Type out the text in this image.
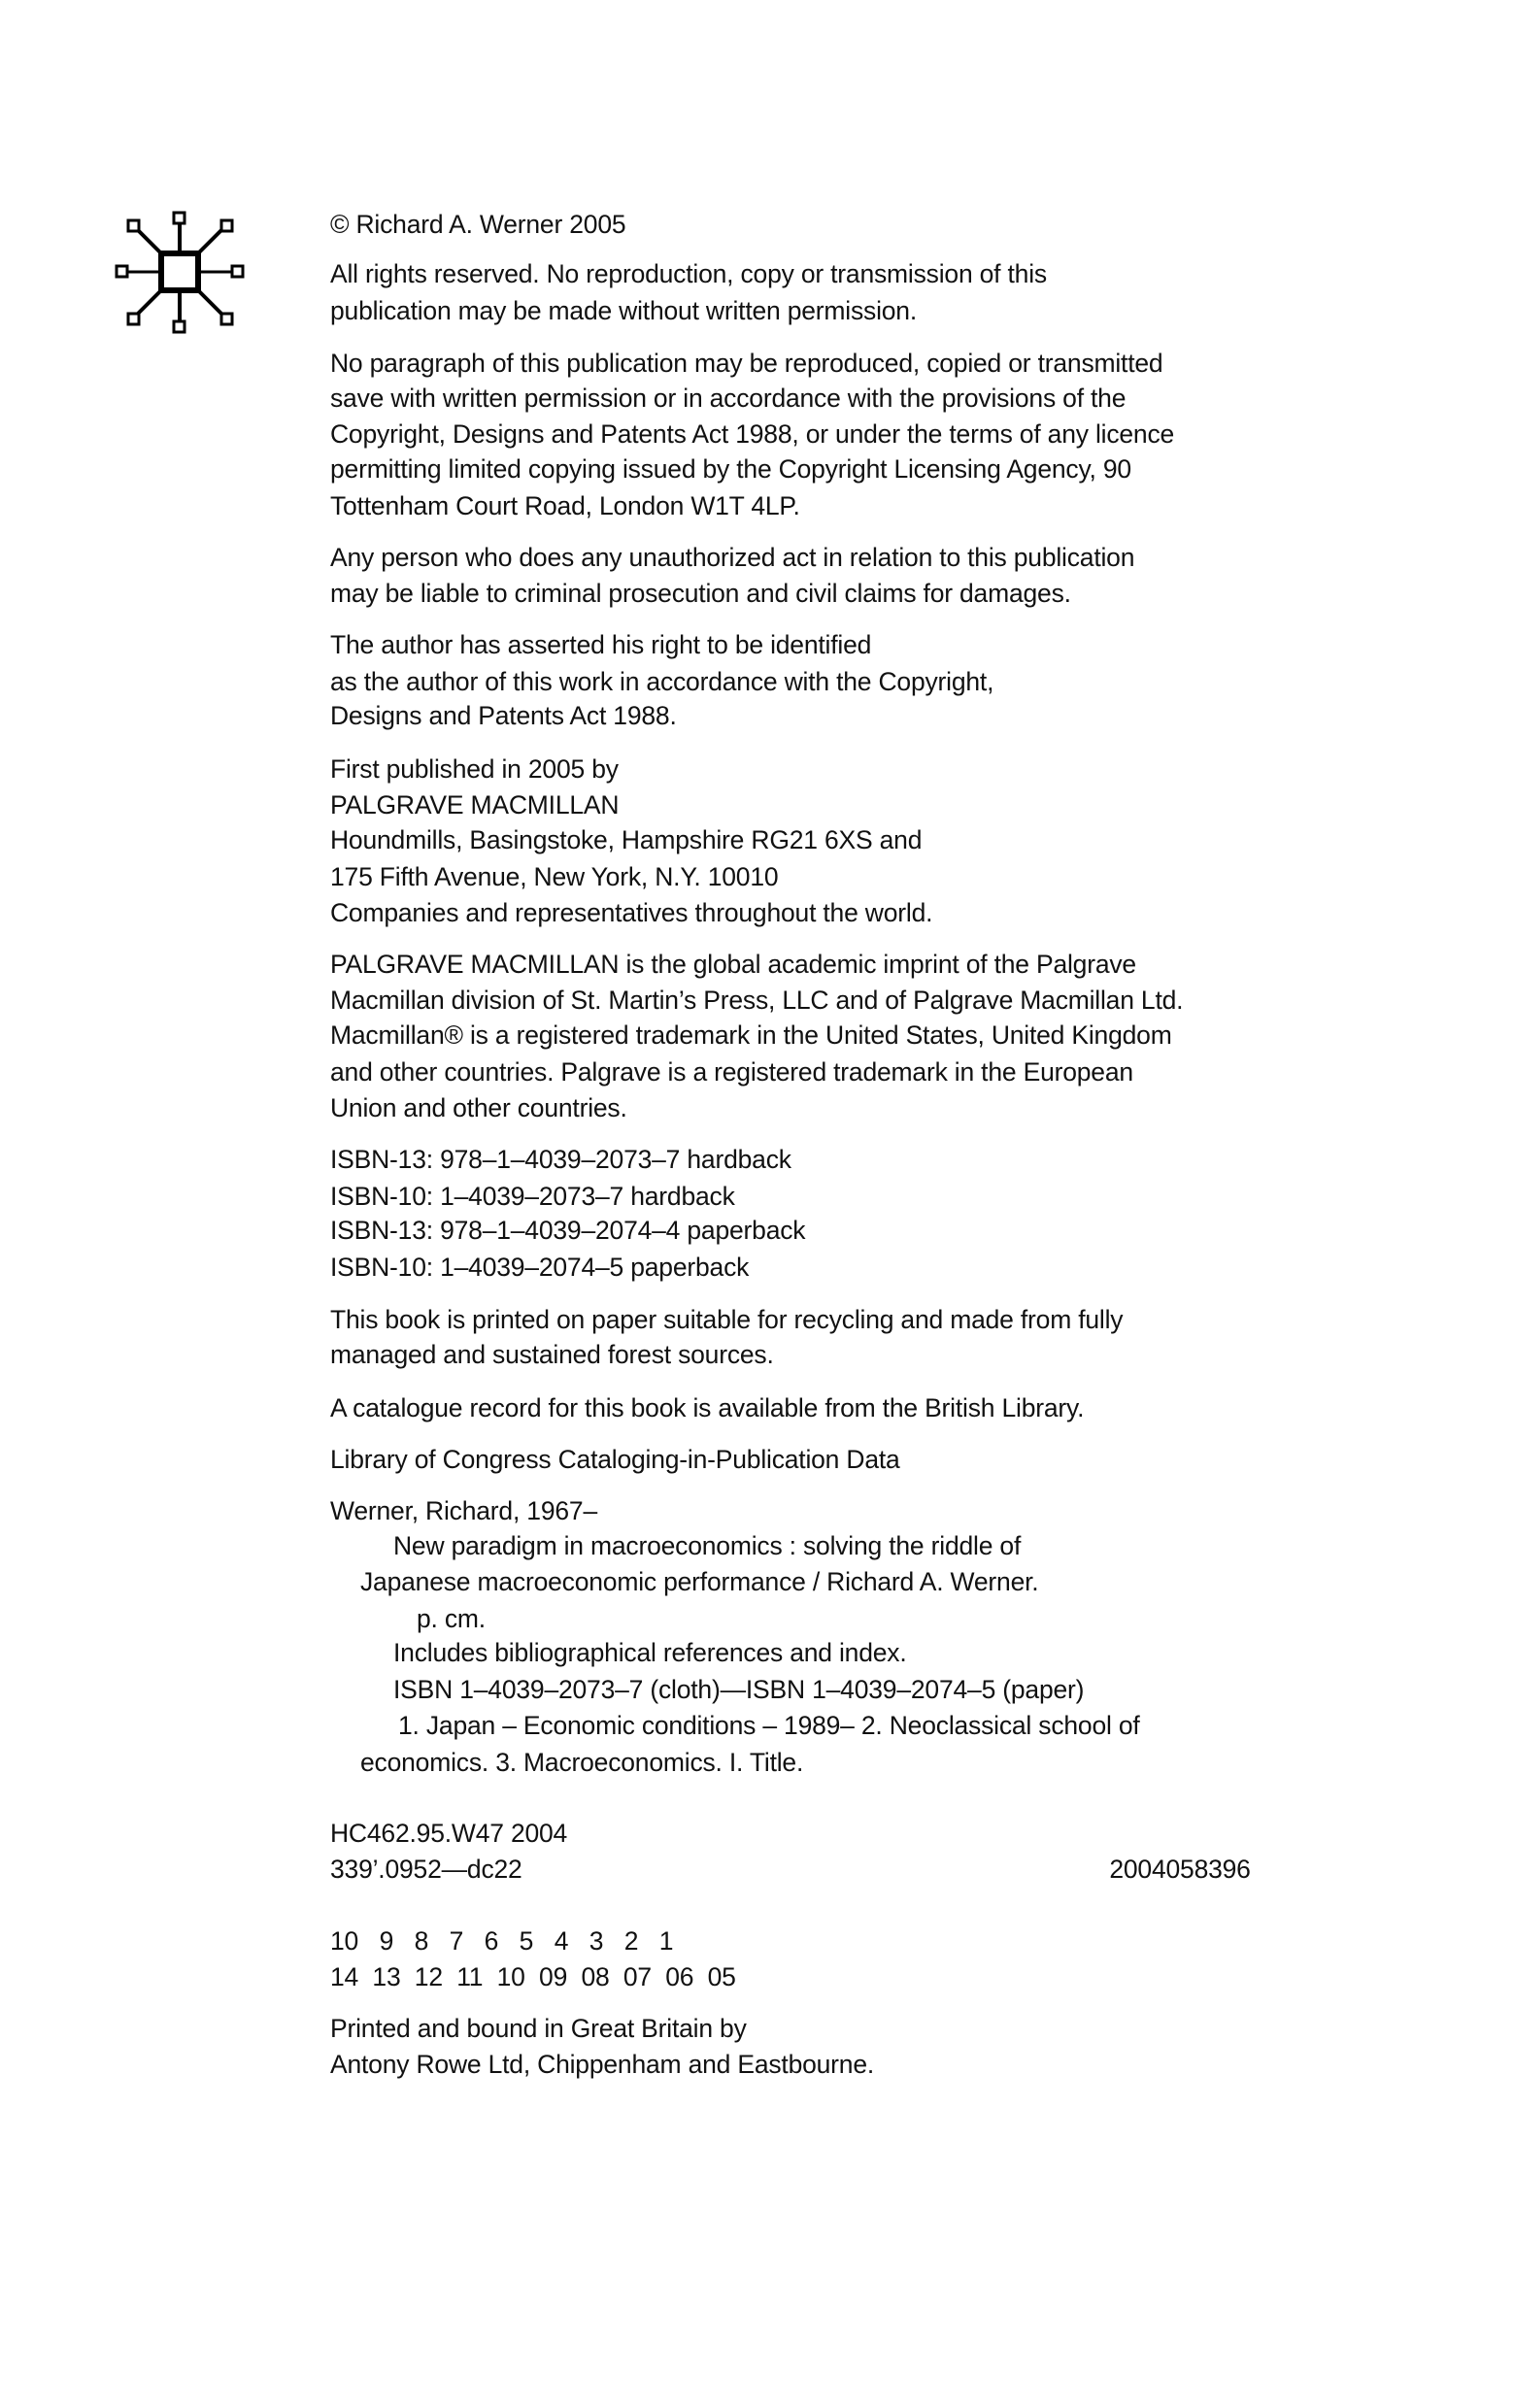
© Richard A. Werner 2005
All rights reserved. No reproduction, copy or transmission of this
publication may be made without written permission.
No paragraph of this publication may be reproduced, copied or transmitted
save with written permission or in accordance with the provisions of the
Copyright, Designs and Patents Act 1988, or under the terms of any licence
permitting limited copying issued by the Copyright Licensing Agency, 90
Tottenham Court Road, London W1T 4LP.
Any person who does any unauthorized act in relation to this publication
may be liable to criminal prosecution and civil claims for damages.
The author has asserted his right to be identified
as the author of this work in accordance with the Copyright,
Designs and Patents Act 1988.
First published in 2005 by
PALGRAVE MACMILLAN
Houndmills, Basingstoke, Hampshire RG21 6XS and
175 Fifth Avenue, New York, N.Y. 10010
Companies and representatives throughout the world.
PALGRAVE MACMILLAN is the global academic imprint of the Palgrave
Macmillan division of St. Martin’s Press, LLC and of Palgrave Macmillan Ltd.
Macmillan® is a registered trademark in the United States, United Kingdom
and other countries. Palgrave is a registered trademark in the European
Union and other countries.
ISBN-13: 978–1–4039–2073–7 hardback
ISBN-10: 1–4039–2073–7 hardback
ISBN-13: 978–1–4039–2074–4 paperback
ISBN-10: 1–4039–2074–5 paperback
This book is printed on paper suitable for recycling and made from fully
managed and sustained forest sources.
A catalogue record for this book is available from the British Library.
Library of Congress Cataloging-in-Publication Data
Werner, Richard, 1967–
New paradigm in macroeconomics : solving the riddle of
Japanese macroeconomic performance / Richard A. Werner.
p. cm.
Includes bibliographical references and index.
ISBN 1–4039–2073–7 (cloth)—ISBN 1–4039–2074–5 (paper)
1. Japan – Economic conditions – 1989– 2. Neoclassical school of
economics. 3. Macroeconomics. I. Title.
HC462.95.W47 2004
339’.0952—dc22
10   9   8   7   6   5   4   3   2   1
14  13  12  11  10  09  08  07  06  05
Printed and bound in Great Britain by
Antony Rowe Ltd, Chippenham and Eastbourne.
2004058396
